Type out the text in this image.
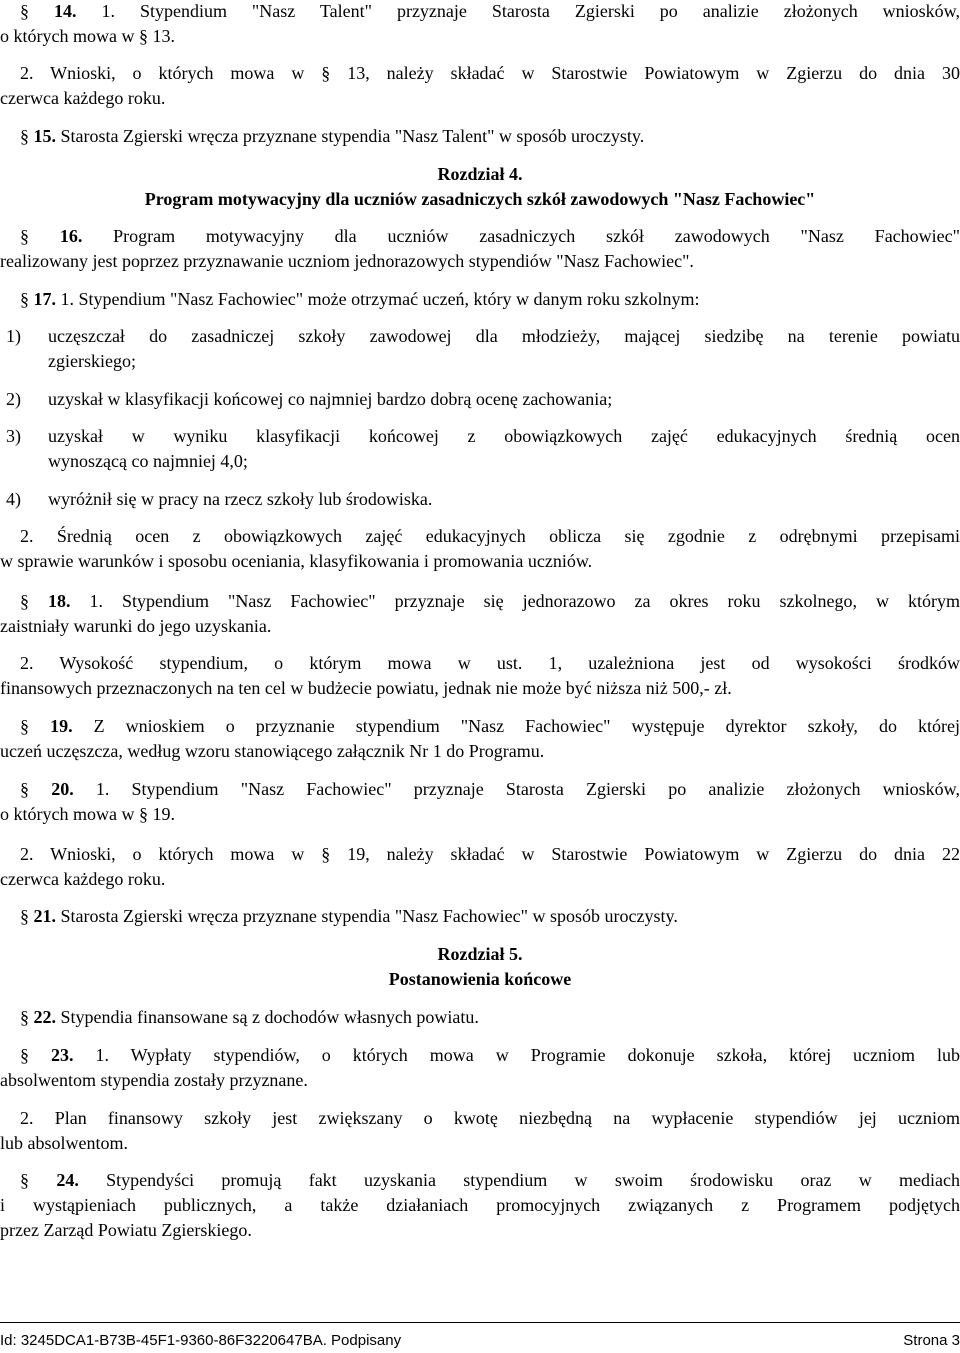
§ 14. 1. Stypendium "Nasz Talent" przyznaje Starosta Zgierski po analizie złożonych wniosków,
o których mowa w § 13.
2. Wnioski, o których mowa w § 13, należy składać w Starostwie Powiatowym w Zgierzu do dnia 30
czerwca każdego roku.
§ 15. Starosta Zgierski wręcza przyznane stypendia "Nasz Talent" w sposób uroczysty.
Rozdział 4.
Program motywacyjny dla uczniów zasadniczych szkół zawodowych "Nasz Fachowiec"
§ 16. Program motywacyjny dla uczniów zasadniczych szkół zawodowych "Nasz Fachowiec"
realizowany jest poprzez przyznawanie uczniom jednorazowych stypendiów "Nasz Fachowiec".
§ 17. 1. Stypendium "Nasz Fachowiec" może otrzymać uczeń, który w danym roku szkolnym:
1) uczęszczał do zasadniczej szkoły zawodowej dla młodzieży, mającej siedzibę na terenie powiatu
zgierskiego;
2)	uzyskał w klasyfikacji końcowej co najmniej bardzo dobrą ocenę zachowania;
3) uzyskał w wyniku klasyfikacji końcowej z obowiązkowych zajęć edukacyjnych średnią ocen
wynoszącą co najmniej 4,0;
4)	wyróżnił się w pracy na rzecz szkoły lub środowiska.
2. Średnią ocen z obowiązkowych zajęć edukacyjnych oblicza się zgodnie z odrębnymi przepisami
w sprawie warunków i sposobu oceniania, klasyfikowania i promowania uczniów.
§ 18. 1. Stypendium "Nasz Fachowiec" przyznaje się jednorazowo za okres roku szkolnego, w którym
zaistniały warunki do jego uzyskania.
2. Wysokość stypendium, o którym mowa w ust. 1, uzależniona jest od wysokości środków
finansowych przeznaczonych na ten cel w budżecie powiatu, jednak nie może być niższa niż 500,- zł.
§ 19. Z wnioskiem o przyznanie stypendium "Nasz Fachowiec" występuje dyrektor szkoły, do której
uczeń uczęszcza, według wzoru stanowiącego załącznik Nr 1 do Programu.
§ 20. 1. Stypendium "Nasz Fachowiec" przyznaje Starosta Zgierski po analizie złożonych wniosków,
o których mowa w § 19.
2. Wnioski, o których mowa w § 19, należy składać w Starostwie Powiatowym w Zgierzu do dnia 22
czerwca każdego roku.
§ 21. Starosta Zgierski wręcza przyznane stypendia "Nasz Fachowiec" w sposób uroczysty.
Rozdział 5.
Postanowienia końcowe
§ 22. Stypendia finansowane są z dochodów własnych powiatu.
§ 23. 1. Wypłaty stypendiów, o których mowa w Programie dokonuje szkoła, której uczniom lub
absolwentom stypendia zostały przyznane.
2. Plan finansowy szkoły jest zwiększany o kwotę niezbędną na wypłacenie stypendiów jej uczniom
lub absolwentom.
§ 24. Stypendyści promują fakt uzyskania stypendium w swoim środowisku oraz w mediach
i wystąpieniach publicznych, a także działaniach promocyjnych związanych z Programem podjętych
przez Zarząd Powiatu Zgierskiego.
Id: 3245DCA1-B73B-45F1-9360-86F3220647BA. Podpisany	Strona 3
